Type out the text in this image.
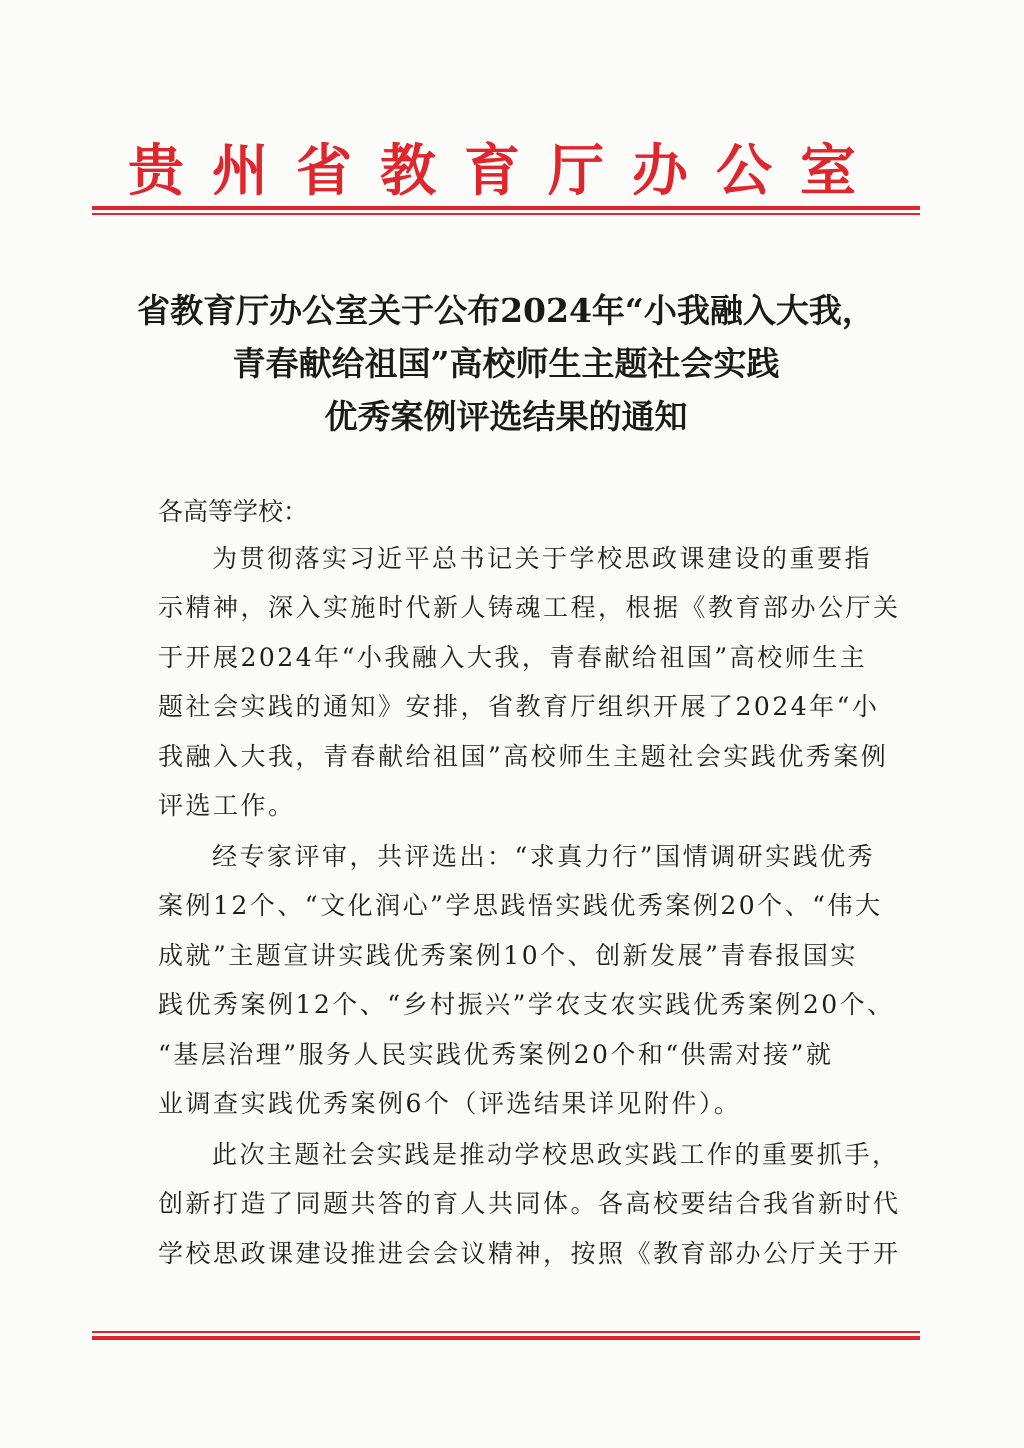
贵州省教育厅办公室
省教育厅办公室关于公布2024年“小我融入大我，
青春献给祖国”高校师生主题社会实践
优秀案例评选结果的通知
各高等学校：
为贯彻落实习近平总书记关于学校思政课建设的重要指
示精神，深入实施时代新人铸魂工程，根据《教育部办公厅关
于开展2024年“小我融入大我，青春献给祖国”高校师生主
题社会实践的通知》安排，省教育厅组织开展了2024年“小
我融入大我，青春献给祖国”高校师生主题社会实践优秀案例
评选工作。
经专家评审，共评选出：“求真力行”国情调研实践优秀
案例12个、“文化润心”学思践悟实践优秀案例20个、“伟大
成就”主题宣讲实践优秀案例10个、创新发展”青春报国实
践优秀案例12个、“乡村振兴”学农支农实践优秀案例20个、
“基层治理”服务人民实践优秀案例20个和“供需对接”就
业调查实践优秀案例6个（评选结果详见附件）。
此次主题社会实践是推动学校思政实践工作的重要抓手，
创新打造了同题共答的育人共同体。各高校要结合我省新时代
学校思政课建设推进会会议精神，按照《教育部办公厅关于开
